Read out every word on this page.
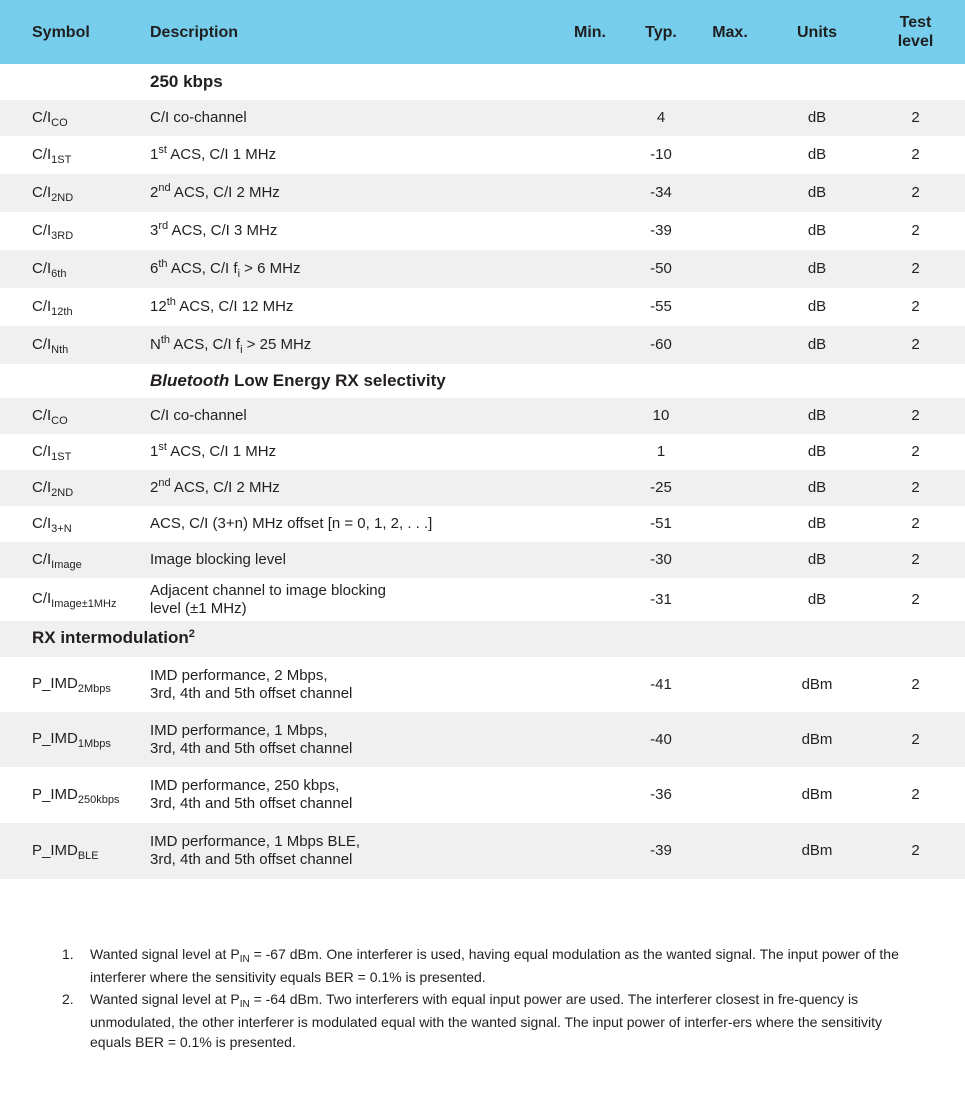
Symbol	Description	Min.	Typ.	Max.	Units	Test
level
	250 kbps					
$C/I_{CO}$	C/I co-channel		4		dB	2
$C/I_{1ST}$	1st ACS, C/I 1 MHz		-10		dB	2
$C/I_{2ND}$	2nd ACS, C/I 2 MHz		-34		dB	2
$C/I_{3RD}$	3rd ACS, C/I 3 MHz		-39		dB	2
$C/I_{6th}$	6th ACS, C/I $f_i > 6$ MHz		-50		dB	2
$C/I_{12th}$	12th ACS, C/I 12 MHz		-55		dB	2
$C/I_{Nth}$	$N^{th}$ ACS, C/I $f_i > 25$ MHz		-60		dB	2
	Bluetooth Low Energy RX selectivity					
$C/I_{CO}$	C/I co-channel		10		dB	2
$C/I_{1ST}$	1st ACS, C/I 1 MHz		1		dB	2
$C/I_{2ND}$	2nd ACS, C/I 2 MHz		-25		dB	2
$C/I_{3+N}$	ACS, C/I (3+n) MHz offset [n = 0, 1, 2, . . .]		-51		dB	2
$C/I_{Image}$	Image blocking level		-30		dB	2
$C/I_{Image\pm 1MHz}$	Adjacent channel to image blocking
level (±1 MHz)		-31		dB	2
RX intermodulation$^2$
$P\_IMD_{2Mbps}$	IMD performance, 2 Mbps,
3rd, 4th and 5th offset channel		-41		dBm	2
$P\_IMD_{1Mbps}$	IMD performance, 1 Mbps,
3rd, 4th and 5th offset channel		-40		dBm	2
$P\_IMD_{250kbps}$	IMD performance, 250 kbps,
3rd, 4th and 5th offset channel		-36		dBm	2
$P\_IMD_{BLE}$	IMD performance, 1 Mbps BLE,
3rd, 4th and 5th offset channel		-39		dBm	2
1.	Wanted signal level at $P_{IN} = -67$ dBm. One interferer is used, having equal modulation as the wanted signal. The input power of the interferer where the sensitivity equals BER = 0.1% is presented.
2.	Wanted signal level at $P_{IN} = -64$ dBm. Two interferers with equal input power are used. The interferer closest in fre-quency is unmodulated, the other interferer is modulated equal with the wanted signal. The input power of interfer-ers where the sensitivity equals BER = 0.1% is presented.
